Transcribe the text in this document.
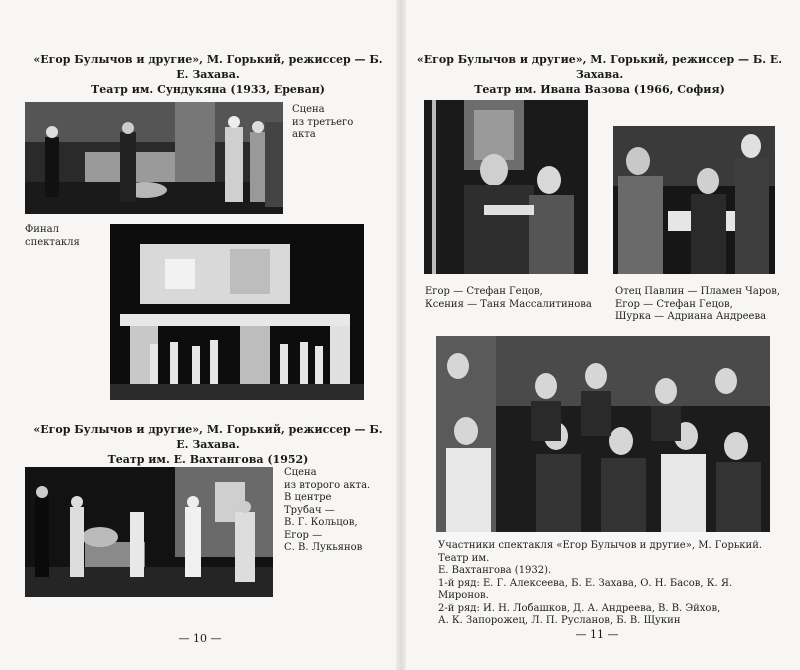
«Егор Булычов и другие», М. Горький, режиссер — Б. Е. Захава.
Театр им. Сундукяна (1933, Ереван)
Сцена
из третьего
акта
Финал
спектакля
«Егор Булычов и другие», М. Горький, режиссер — Б. Е. Захава.
Театр им. Е. Вахтангова (1952)
Сцена
из второго акта.
В центре
Трубач —
В. Г. Кольцов,
Егор —
С. В. Лукьянов
— 10 —
«Егор Булычов и другие», М. Горький, режиссер — Б. Е. Захава.
Театр им. Ивана Вазова (1966, София)
Егор — Стефан Гецов,
Ксения — Таня Массалитинова
Отец Павлин — Пламен Чаров,
Егор — Стефан Гецов,
Шурка — Адриана Андреева
Участники спектакля «Егор Булычов и другие», М. Горький. Театр им.
Е. Вахтангова (1932).
1-й ряд: Е. Г. Алексеева, Б. Е. Захава, О. Н. Басов, К. Я. Миронов.
2-й ряд: И. Н. Лобашков, Д. А. Андреева, В. В. Эйхов,
А. К. Запорожец, Л. П. Русланов, Б. В. Щукин
— 11 —
